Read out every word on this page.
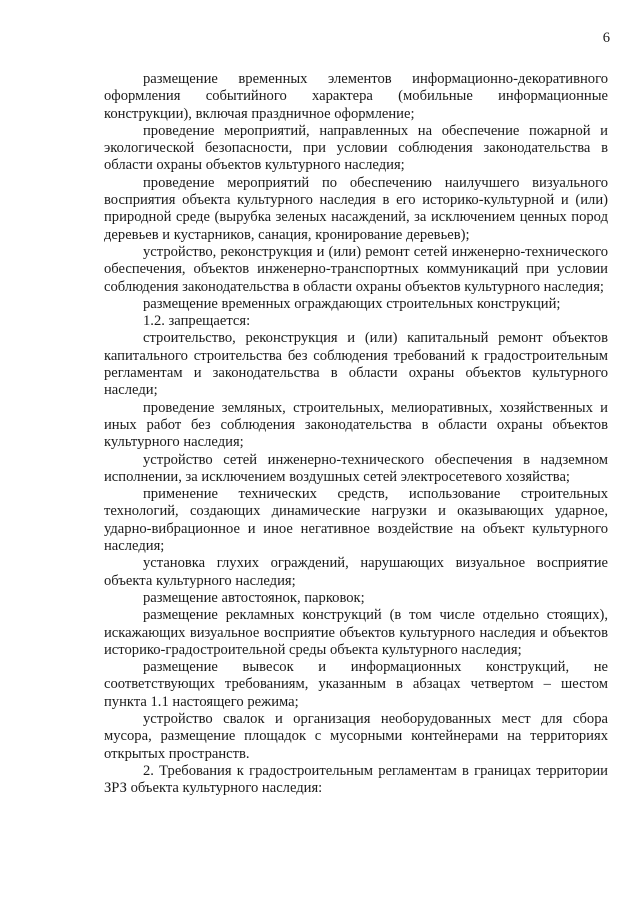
6

размещение временных элементов информационно-декоративного оформления событийного характера (мобильные информационные конструкции), включая праздничное оформление;

проведение мероприятий, направленных на обеспечение пожарной и экологической безопасности, при условии соблюдения законодательства в области охраны объектов культурного наследия;

проведение мероприятий по обеспечению наилучшего визуального восприятия объекта культурного наследия в его историко-культурной и (или) природной среде (вырубка зеленых насаждений, за исключением ценных пород деревьев и кустарников, санация, кронирование деревьев);

устройство, реконструкция и (или) ремонт сетей инженерно-технического обеспечения, объектов инженерно-транспортных коммуникаций при условии соблюдения законодательства в области охраны объектов культурного наследия;

размещение временных ограждающих строительных конструкций;

1.2. запрещается:

строительство, реконструкция и (или) капитальный ремонт объектов капитального строительства без соблюдения требований к градостроительным регламентам и законодательства в области охраны объектов культурного наследи;

проведение земляных, строительных, мелиоративных, хозяйственных и иных работ без соблюдения законодательства в области охраны объектов культурного наследия;

устройство сетей инженерно-технического обеспечения в надземном исполнении, за исключением воздушных сетей электросетевого хозяйства;

применение технических средств, использование строительных технологий, создающих динамические нагрузки и оказывающих ударное, ударно-вибрационное и иное негативное воздействие на объект культурного наследия;

установка глухих ограждений, нарушающих визуальное восприятие объекта культурного наследия;

размещение автостоянок, парковок;

размещение рекламных конструкций (в том числе отдельно стоящих), искажающих визуальное восприятие объектов культурного наследия и объектов историко-градостроительной среды объекта культурного наследия;

размещение вывесок и информационных конструкций, не соответствующих требованиям, указанным в абзацах четвертом – шестом пункта 1.1 настоящего режима;

устройство свалок и организация необорудованных мест для сбора мусора, размещение площадок с мусорными контейнерами на территориях открытых пространств.

2. Требования к градостроительным регламентам в границах территории ЗРЗ объекта культурного наследия:
